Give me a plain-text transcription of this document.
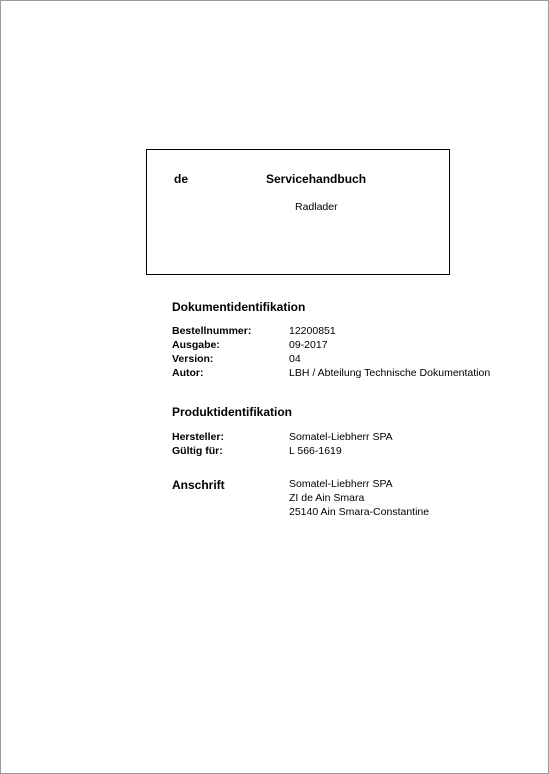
de	Servicehandbuch
Radlader
Dokumentidentifikation
Bestellnummer:	12200851
Ausgabe:	09-2017
Version:	04
Autor:	LBH / Abteilung Technische Dokumentation
Produktidentifikation
Hersteller:	Somatel-Liebherr SPA
Gültig für:	L 566-1619
Anschrift	Somatel-Liebherr SPA
ZI de Ain Smara
25140 Ain Smara-Constantine
